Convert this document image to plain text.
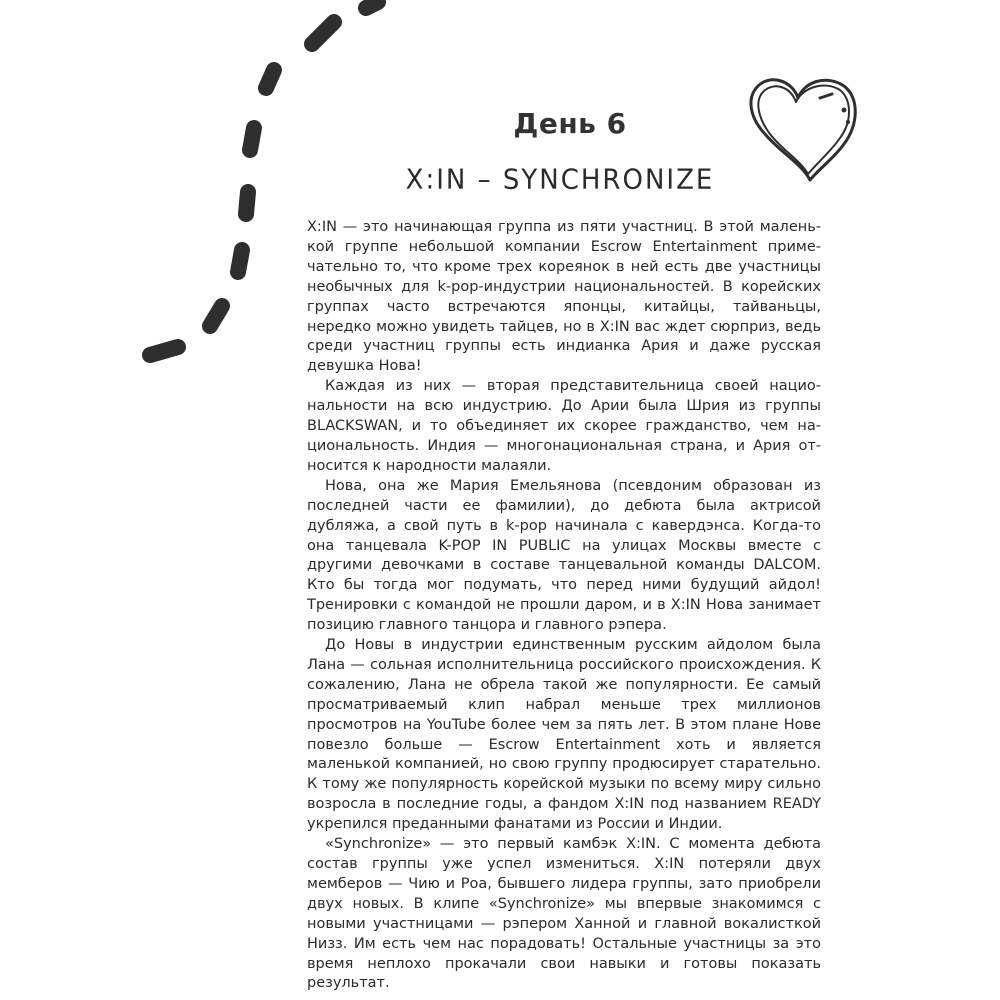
День 6
X:IN – SYNCHRONIZE

X:IN — это начинающая группа из пяти участниц. В этой маленькой группе небольшой компании Escrow Entertainment примечательно то, что кроме трех кореянок в ней есть две участницы необычных для k-pop-индустрии национальностей. В корейских группах часто встречаются японцы, китайцы, тайваньцы, нередко можно увидеть тайцев, но в X:IN вас ждет сюрприз, ведь среди участниц группы есть индианка Ария и даже русская девушка Нова!

Каждая из них — вторая представительница своей национальности на всю индустрию. До Арии была Шрия из группы BLACKSWAN, и то объединяет их скорее гражданство, чем национальность. Индия — многонациональная страна, и Ария относится к народности малаяли.

Нова, она же Мария Емельянова (псевдоним образован из последней части ее фамилии), до дебюта была актрисой дубляжа, а свой путь в k-pop начинала с кавердэнса. Когда-то она танцевала K-POP IN PUBLIC на улицах Москвы вместе с другими девочками в составе танцевальной команды DALCOM. Кто бы тогда мог подумать, что перед ними будущий айдол! Тренировки с командой не прошли даром, и в X:IN Нова занимает позицию главного танцора и главного рэпера.

До Новы в индустрии единственным русским айдолом была Лана — сольная исполнительница российского происхождения. К сожалению, Лана не обрела такой же популярности. Ее самый просматриваемый клип набрал меньше трех миллионов просмотров на YouTube более чем за пять лет. В этом плане Нове повезло больше — Escrow Entertainment хоть и является маленькой компанией, но свою группу продюсирует старательно. К тому же популярность корейской музыки по всему миру сильно возросла в последние годы, а фандом X:IN под названием READY укрепился преданными фанатами из России и Индии.

«Synchronize» — это первый камбэк X:IN. С момента дебюта состав группы уже успел измениться. X:IN потеряли двух мемберов — Чию и Роа, бывшего лидера группы, зато приобрели двух новых. В клипе «Synchronize» мы впервые знакомимся с новыми участницами — рэпером Ханной и главной вокалисткой Низз. Им есть чем нас порадовать! Остальные участницы за это время неплохо прокачали свои навыки и готовы показать результат.
